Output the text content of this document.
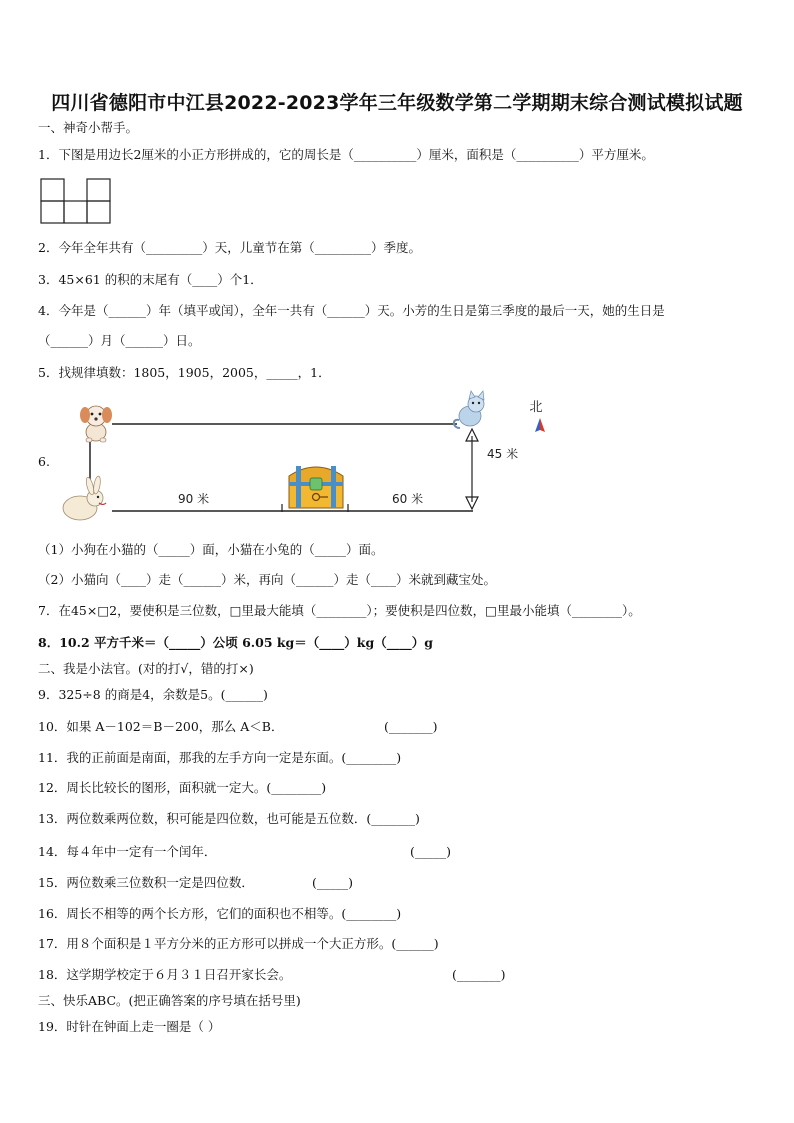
四川省德阳市中江县2022-2023学年三年级数学第二学期期末综合测试模拟试题
一、神奇小帮手。
1．下图是用边长2厘米的小正方形拼成的，它的周长是（__________）厘米，面积是（__________）平方厘米。
2．今年全年共有（_________）天，儿童节在第（_________）季度。
3．45×61 的积的末尾有（____）个1．
4．今年是（______）年（填平或闰），全年一共有（______）天。小芳的生日是第三季度的最后一天，她的生日是
（______）月（______）日。
5．找规律填数：1805，1905，2005，_____，1．
6.
北
45 米
90 米	60 米
（1）小狗在小猫的（_____）面，小猫在小兔的（_____）面。
（2）小猫向（____）走（______）米，再向（______）走（____）米就到藏宝处。
7．在45×□2，要使积是三位数，□里最大能填（________）；要使积是四位数，□里最小能填（________）。
8．10.2 平方千米＝（_____）公顷 6.05 kg＝（____）kg（____）g
二、我是小法官。(对的打√，错的打×)
9．325÷8 的商是4，余数是5。(______)
10．如果 A－102＝B－200，那么 A＜B．	(_______)
11．我的正前面是南面，那我的左手方向一定是东面。(________)
12．周长比较长的图形，面积就一定大。(________)
13．两位数乘两位数，积可能是四位数，也可能是五位数．(_______)
14．每４年中一定有一个闰年．	(_____)
15．两位数乘三位数积一定是四位数．	(_____)
16．周长不相等的两个长方形，它们的面积也不相等。(________)
17．用８个面积是１平方分米的正方形可以拼成一个大正方形。(______)
18．这学期学校定于６月３１日召开家长会。	(_______)
三、快乐ABC。(把正确答案的序号填在括号里)
19．时针在钟面上走一圈是（ ）
